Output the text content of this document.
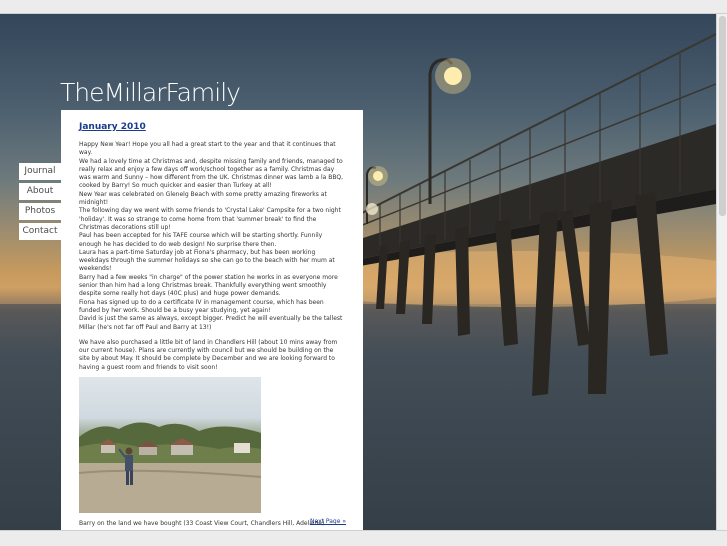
TheMillarFamily
Journal
About
Photos
Contact
January 2010

Happy New Year! Hope you all had a great start to the year and that it continues that way.

We had a lovely time at Christmas and, despite missing family and friends, managed to really relax and enjoy a few days off work/school together as a family. Christmas day was warm and Sunny – how different from the UK. Christmas dinner was lamb a la BBQ, cooked by Barry! So much quicker and easier than Turkey at all!

New Year was celebrated on Glenelg Beach with some pretty amazing fireworks at midnight!

The following day we went with some friends to 'Crystal Lake' Campsite for a two night 'holiday'. It was so strange to come home from that 'summer break' to find the Christmas decorations still up!

Paul has been accepted for his TAFE course which will be starting shortly. Funnily enough he has decided to do web design! No surprise there then.

Laura has a part-time Saturday job at Fiona's pharmacy, but has been working weekdays through the summer holidays so she can go to the beach with her mum at weekends!

Barry had a few weeks "in charge" of the power station he works in as everyone more senior than him had a long Christmas break. Thankfully everything went smoothly despite some really hot days (40C plus) and huge power demands.

Fiona has signed up to do a certificate IV in management course, which has been funded by her work. Should be a busy year studying, yet again!

David is just the same as always, except bigger. Predict he will eventually be the tallest Millar (he's not far off Paul and Barry at 13!)

We have also purchased a little bit of land in Chandlers Hill (about 10 mins away from our current house). Plans are currently with council but we should be building on the site by about May. It should be complete by December and we are looking forward to having a guest room and friends to visit soon!

Barry on the land we have bought (33 Coast View Court, Chandlers Hill, Adelaide)
Next Page »
